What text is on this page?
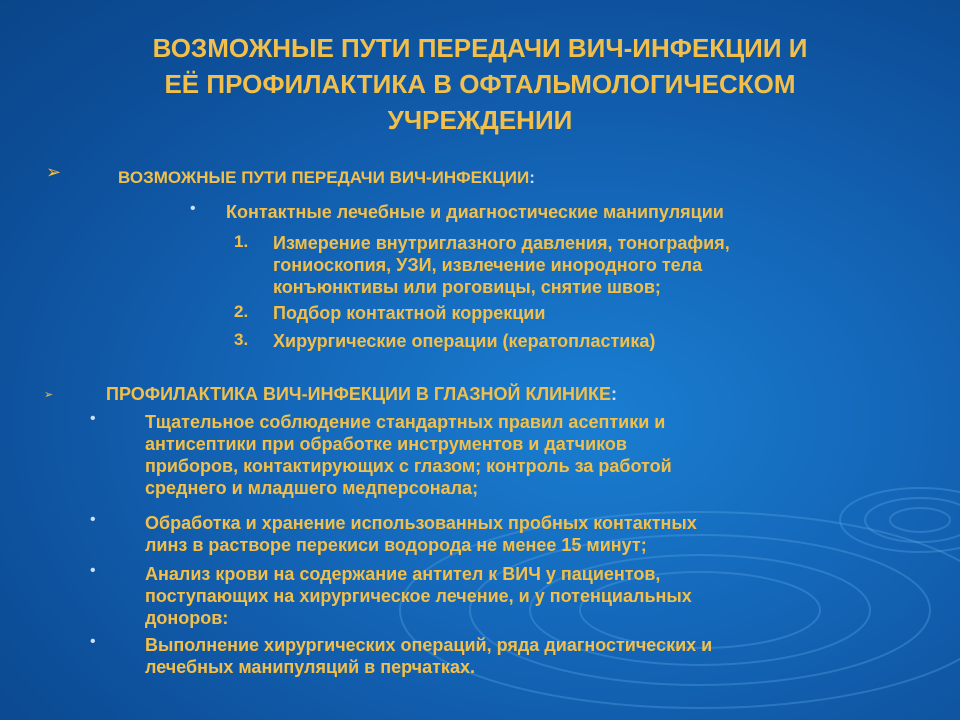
ВОЗМОЖНЫЕ ПУТИ ПЕРЕДАЧИ ВИЧ-ИНФЕКЦИИ И
ЕЁ ПРОФИЛАКТИКА В ОФТАЛЬМОЛОГИЧЕСКОМ
УЧРЕЖДЕНИИ
➢	ВОЗМОЖНЫЕ ПУТИ ПЕРЕДАЧИ ВИЧ-ИНФЕКЦИИ:
• Контактные лечебные и диагностические манипуляции
1. Измерение внутриглазного давления, тонография,
гониоскопия, УЗИ, извлечение инородного тела
конъюнктивы или роговицы, снятие швов;
2. Подбор контактной коррекции
3. Хирургические операции (кератопластика)
➢	ПРОФИЛАКТИКА ВИЧ-ИНФЕКЦИИ В ГЛАЗНОЙ КЛИНИКЕ:
•	Тщательное соблюдение стандартных правил асептики и
антисептики при обработке инструментов и датчиков
приборов, контактирующих с глазом; контроль за работой
среднего и младшего медперсонала;
•	Обработка и хранение использованных пробных контактных
линз в растворе перекиси водорода не менее 15 минут;
•	Анализ крови на содержание антител к ВИЧ у пациентов,
поступающих на хирургическое лечение, и у потенциальных
доноров:
•	Выполнение хирургических операций, ряда диагностических и
лечебных манипуляций в перчатках.
